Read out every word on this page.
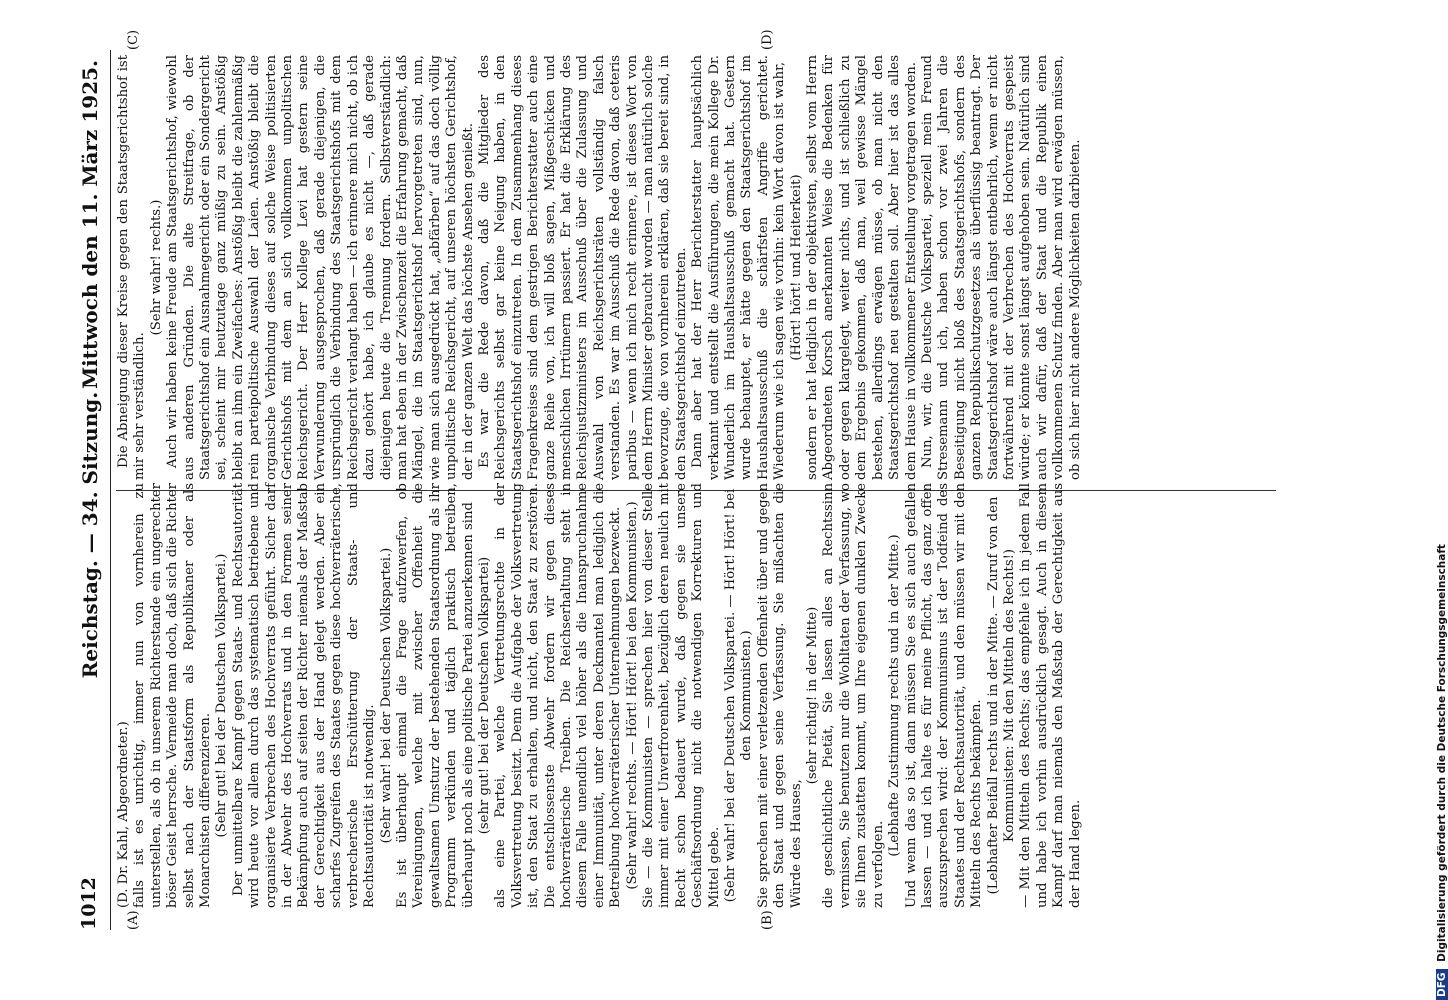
1012
Reichstag. — 34. Sitzung.
Mittwoch den 11. März 1925.
(A)	(B)
(C)	(D)

(D. Dr. Kahl, Abgeordneter.) falls ist es unrichtig, immer nun von vornherein zu unterstellen, als ob in unserem Richterstande ein ungerechter böser Geist herrsche. Vermeide man doch, daß sich die Richter selbst nach der Staatsform als Republikaner oder als Monarchisten differenzieren. (Sehr gut! bei der Deutschen Volkspartei.) Der unmittelbare Kampf gegen Staats- und Rechtsautorität wird heute vor allem durch das systematisch betriebene und organisierte Verbrechen des Hochverrats geführt. Sicher darf in der Abwehr des Hochverrats und in den Formen seiner Bekämpfung auch auf seiten der Richter niemals der Maßstab der Gerechtigkeit aus der Hand gelegt werden. Aber ein scharfes Zugreifen des Staates gegen diese hochverräterische, verbrecherische Erschütterung der Staats- und Rechtsautorität ist notwendig. (Sehr wahr! bei der Deutschen Volkspartei.) Es ist überhaupt einmal die Frage aufzuwerfen, ob Vereinigungen, welche mit zwischer Offenheit die gewaltsamen Umsturz der bestehenden Staatsordnung als ihr Programm verkünden und täglich praktisch betreiben, überhaupt noch als eine politische Partei anzuerkennen sind (sehr gut! bei der Deutschen Volkspartei) als eine Partei, welche Vertretungsrechte in der Volksvertretung besitzt. Denn die Aufgabe der Volksvertretung ist, den Staat zu erhalten, und nicht, den Staat zu zerstören. Die entschlossenste Abwehr fordern wir gegen dieses hochverräterische Treiben. Die Reichserhaltung steht in diesem Falle unendlich viel höher als die Inanspruchnahme einer Immunität, unter deren Deckmantel man lediglich die Betreibung hochverräterischer Unternehmungen bezweckt. (Sehr wahr! rechts. — Hört! Hört! bei den Kommunisten.) Sie — die Kommunisten — sprechen hier von dieser Stelle immer mit einer Unverfrorenheit, bezüglich deren neulich mit Recht schon bedauert wurde, daß gegen sie unsere Geschäftsordnung nicht die notwendigen Korrekturen und Mittel gebe. (Sehr wahr! bei der Deutschen Volkspartei. — Hört! Hört! bei den Kommunisten.) Sie sprechen mit einer verletzenden Offenheit über und gegen den Staat und gegen seine Verfassung. Sie mißachten die Würde des Hauses,

(sehr richtig! in der Mitte) die geschichtliche Pietät, Sie lassen alles an Rechtssinn vermissen, Sie benutzen nur die Wohltaten der Verfassung, wo sie Ihnen zustatten kommt, um Ihre eigenen dunklen Zwecke zu verfolgen.

(Lebhafte Zustimmung rechts und in der Mitte.) Und wenn das so ist, dann müssen Sie es sich auch gefallen lassen — und ich halte es für meine Pflicht, das ganz offen auszusprechen wird: der Kommunismus ist der Todfeind des Staates und der Rechtsautorität, und den müssen wir mit den Mitteln des Rechts bekämpfen. (Lebhafter Beifall rechts und in der Mitte. — Zuruf von den Kommunisten: Mit den Mitteln des Rechts!) — Mit den Mitteln des Rechts; das empfehle ich in jedem Fall und habe ich vorhin ausdrücklich gesagt. Auch in diesem Kampf darf man niemals den Maßstab der Gerechtigkeit aus der Hand legen.

Die Abneigung dieser Kreise gegen den Staatsgerichtshof ist mir sehr verständlich.

(Sehr wahr! rechts.) Auch wir haben keine Freude am Staatsgerichtshof, wiewohl aus anderen Gründen. Die alte Streitfrage, ob der Staatsgerichtshof ein Ausnahmegericht oder ein Sondergericht sei, scheint mir heutzutage ganz müßig zu sein. Anstößig bleibt an ihm ein Zweifaches: Anstößig bleibt die zahlenmäßig rein parteipolitische Auswahl der Laien. Anstößig bleibt die organische Verbindung dieses auf solche Weise politisierten Gerichtshofs mit dem an sich vollkommen unpolitischen Reichsgericht. Der Herr Kollege Levi hat gestern seine Verwunderung ausgesprochen, daß gerade diejenigen, die ursprünglich die Verbindung des Staatsgerichtshofs mit dem Reichsgericht verlangt haben — ich erinnere mich nicht, ob ich dazu gehört habe, ich glaube es nicht —, daß gerade diejenigen heute die Trennung fordern. Selbstverständlich: man hat eben in der Zwischenzeit die Erfahrung gemacht, daß Mängel, die im Staatsgerichtshof hervorgetreten sind, nun, wie man sich ausgedrückt hat, „abfärben“ auf das doch völlig unpolitische Reichsgericht, auf unseren höchsten Gerichtshof, der in der ganzen Welt das höchste Ansehen genießt. Es war die Rede davon, daß die Mitglieder des Reichsgerichts selbst gar keine Neigung haben, in den Staatsgerichtshof einzutreten. In dem Zusammenhang dieses Fragenkreises sind dem gestrigen Berichterstatter auch eine ganze Reihe von, ich will bloß sagen, Mißgeschicken und menschlichen Irrtümern passiert. Er hat die Erklärung des Reichsjustizministers im Ausschuß über die Zulassung und Auswahl von Reichsgerichtsräten vollständig falsch verstanden. Es war im Ausschuß die Rede davon, daß ceteris paribus — wenn ich mich recht erinnere, ist dieses Wort von dem Herrn Minister gebraucht worden — man natürlich solche bevorzuge, die von vornherein erklären, daß sie bereit sind, in den Staatsgerichtshof einzutreten. Dann aber hat der Herr Berichterstatter hauptsächlich verkannt und entstellt die Ausführungen, die mein Kollege Dr. Wunderlich im Haushaltsausschuß gemacht hat. Gestern wurde behauptet, er hätte gegen den Staatsgerichtshof im Haushaltsausschuß die schärfsten Angriffe gerichtet. Wiederum wie ich sagen wie vorhin: kein Wort davon ist wahr, (Hört! hört! und Heiterkeit) sondern er hat lediglich in der objektivsten, selbst vom Herrn Abgeordneten Korsch anerkannten Weise die Bedenken für oder gegen klargelegt, weiter nichts, und ist schließlich zu dem Ergebnis gekommen, daß man, weil gewisse Mängel bestehen, allerdings erwägen müsse, ob man nicht den Staatsgerichtshof neu gestalten soll. Aber hier ist das alles dem Hause in vollkommener Entstellung vorgetragen worden. Nun, wir, die Deutsche Volkspartei, speziell mein Freund Stresemann und ich, haben schon vor zwei Jahren die Beseitigung nicht bloß des Staatsgerichtshofs, sondern des ganzen Republikschutzgesetzes als überflüssig beantragt. Der Staatsgerichtshof wäre auch längst entbehrlich, wenn er nicht fortwährend mit der Verbrechen des Hochverrats gespeist würde; er könnte sonst längst aufgehoben sein. Natürlich sind auch wir dafür, daß der Staat und die Republik einen vollkommenen Schutz finden. Aber man wird erwägen müssen, ob sich hier nicht andere Möglichkeiten darbieten.

DFG Digitalisierung gefördert durch die Deutsche Forschungsgemeinschaft
